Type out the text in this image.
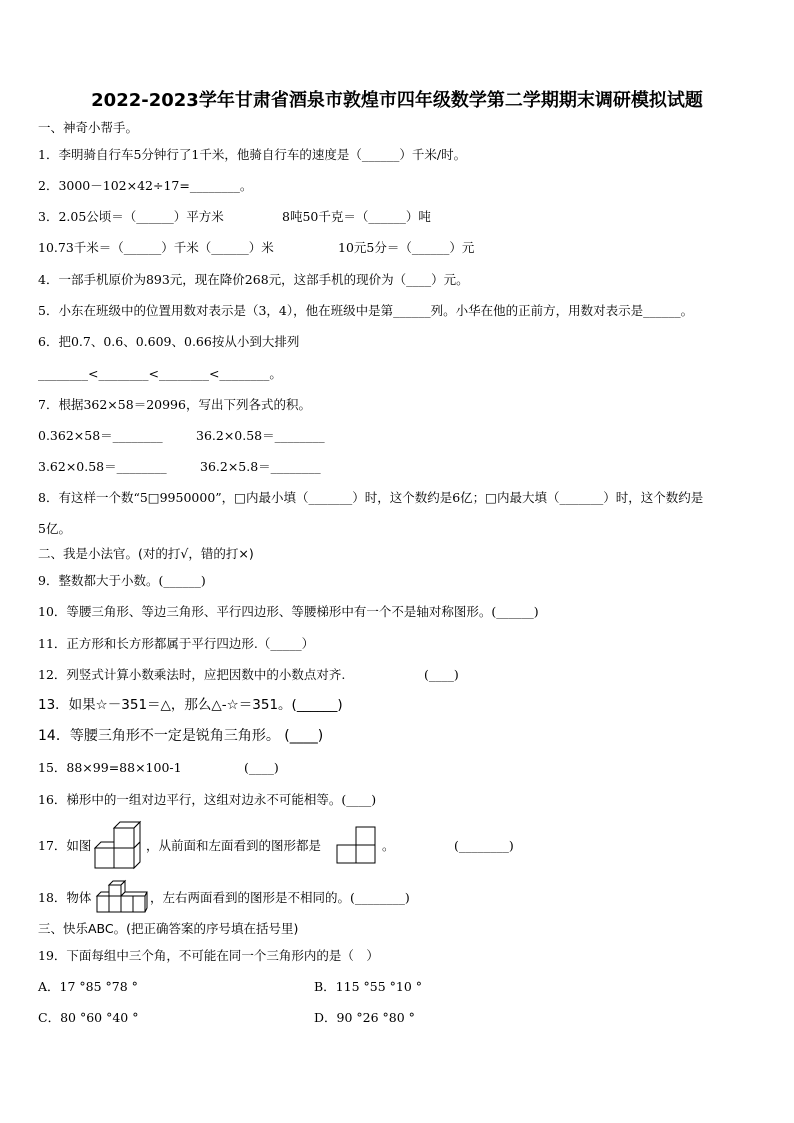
2022-2023学年甘肃省酒泉市敦煌市四年级数学第二学期期末调研模拟试题
一、神奇小帮手。
1．李明骑自行车5分钟行了1千米，他骑自行车的速度是（______）千米/时。
2．3000－102×42÷17=________。
3．2.05公顷＝（______）平方米	8吨50千克＝（______）吨
10.73千米＝（______）千米（______）米	10元5分＝（______）元
4．一部手机原价为893元，现在降价268元，这部手机的现价为（____）元。
5．小东在班级中的位置用数对表示是（3，4），他在班级中是第______列。小华在他的正前方，用数对表示是______。
6．把0.7、0.6、0.609、0.66按从小到大排列
________<________<________<________。
7．根据362×58＝20996，写出下列各式的积。
0.362×58＝________	36.2×0.58＝________
3.62×0.58＝________	36.2×5.8＝________
8．有这样一个数“5□9950000”，□内最小填（_______）时，这个数约是6亿；□内最大填（_______）时，这个数约是
5亿。
二、我是小法官。(对的打√，错的打×)
9．整数都大于小数。(______)
10．等腰三角形、等边三角形、平行四边形、等腰梯形中有一个不是轴对称图形。(______)
11．正方形和长方形都属于平行四边形.（_____）
12．列竖式计算小数乘法时，应把因数中的小数点对齐.	(____)
13．如果☆－351＝△，那么△-☆＝351。(______)
14．等腰三角形不一定是锐角三角形。 (____)
15．88×99=88×100-1	(____)
16．梯形中的一组对边平行，这组对边永不可能相等。(____)
17．如图	，从前面和左面看到的图形都是	。	(________)
18．物体	，左右两面看到的图形是不相同的。(________)
三、快乐ABC。(把正确答案的序号填在括号里)
19．下面每组中三个角，不可能在同一个三角形内的是（　）
A．17 °85 °78 °	B．115 °55 °10 °
C．80 °60 °40 °	D．90 °26 °80 °
